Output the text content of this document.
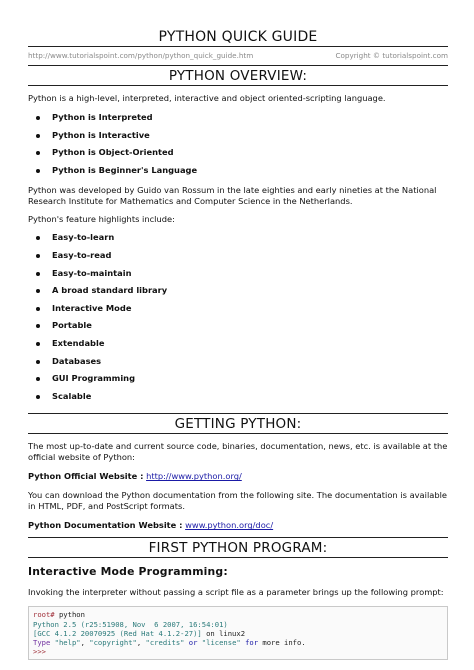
PYTHON QUICK GUIDE
http://www.tutorialspoint.com/python/python_quick_guide.htm	Copyright © tutorialspoint.com
PYTHON OVERVIEW:

Python is a high-level, interpreted, interactive and object oriented-scripting language.

Python is Interpreted
Python is Interactive
Python is Object-Oriented
Python is Beginner's Language

Python was developed by Guido van Rossum in the late eighties and early nineties at the National Research Institute for Mathematics and Computer Science in the Netherlands.

Python's feature highlights include:

Easy-to-learn
Easy-to-read
Easy-to-maintain
A broad standard library
Interactive Mode
Portable
Extendable
Databases
GUI Programming
Scalable
GETTING PYTHON:

The most up-to-date and current source code, binaries, documentation, news, etc. is available at the official website of Python:

Python Official Website : http://www.python.org/

You can download the Python documentation from the following site. The documentation is available in HTML, PDF, and PostScript formats.

Python Documentation Website : www.python.org/doc/
FIRST PYTHON PROGRAM:
Interactive Mode Programming:

Invoking the interpreter without passing a script file as a parameter brings up the following prompt:

root# python
Python 2.5 (r25:51908, Nov  6 2007, 16:54:01)
[GCC 4.1.2 20070925 (Red Hat 4.1.2-27)] on linux2
Type "help", "copyright", "credits" or "license" for more info.
>>>
